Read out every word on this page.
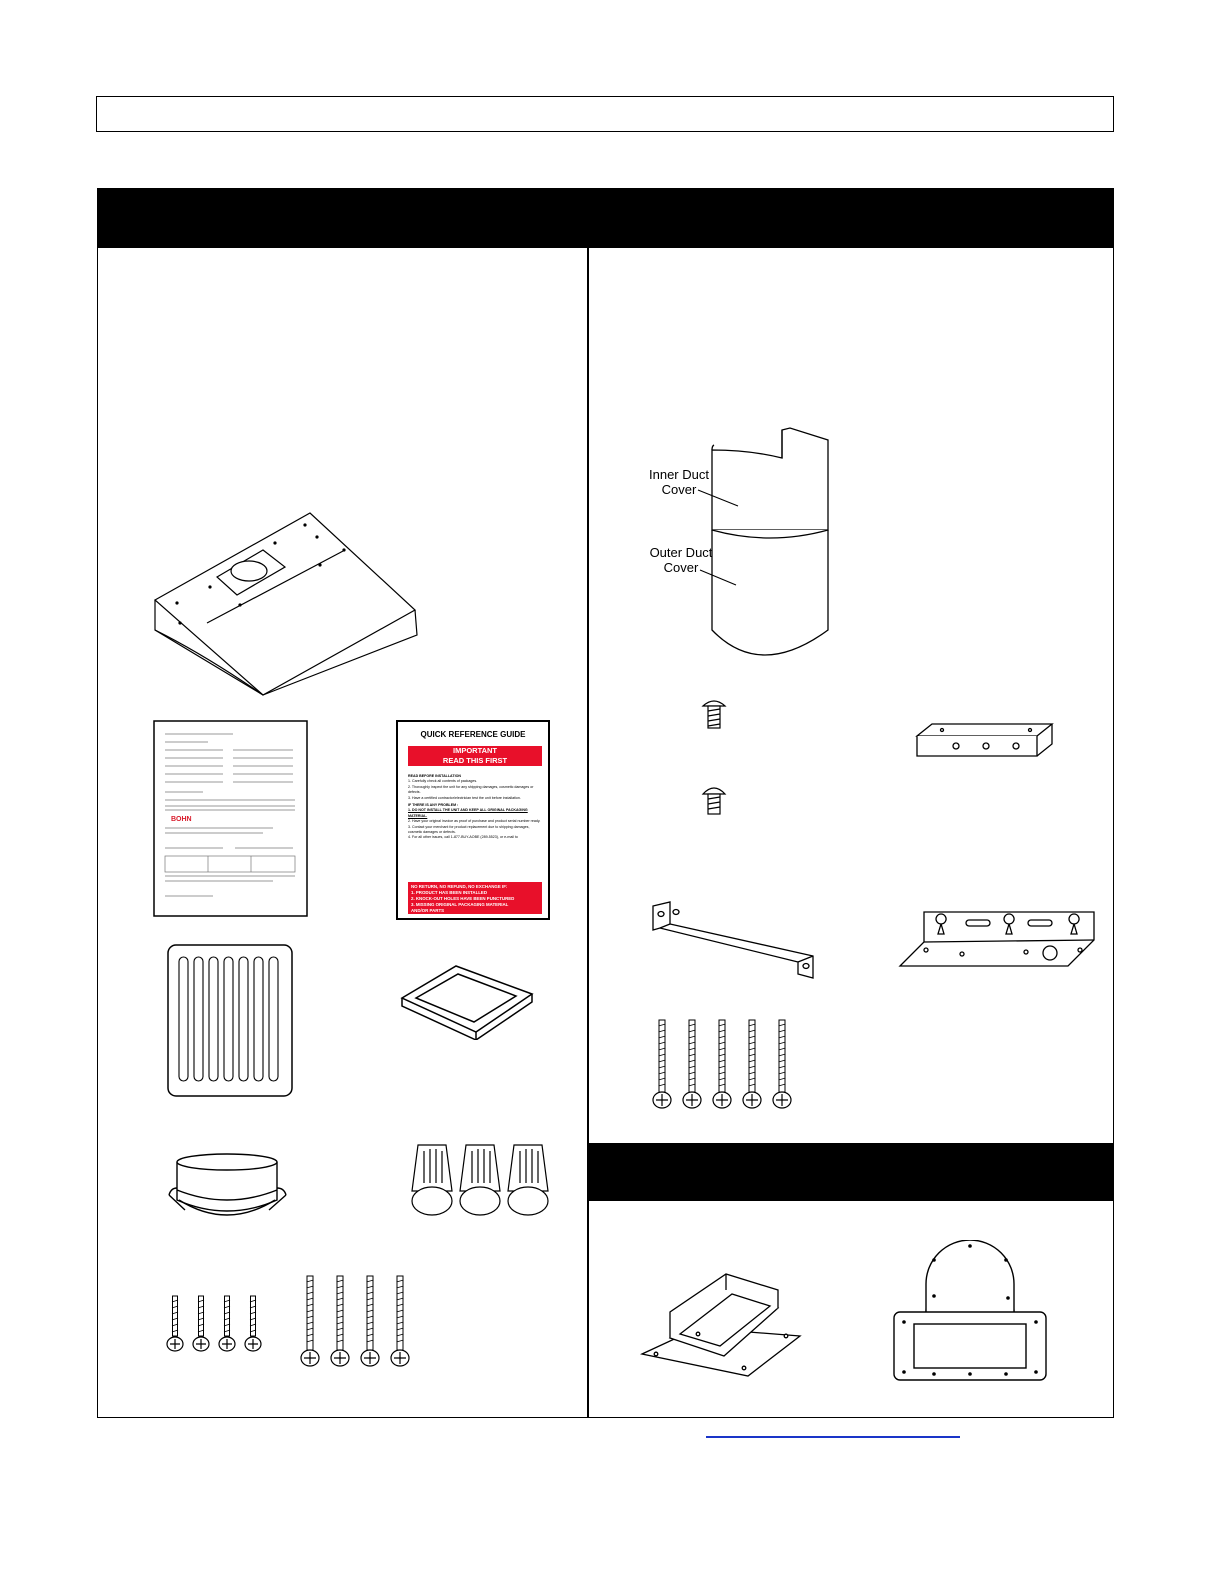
BOHN
QUICK REFERENCE GUIDE
IMPORTANT
READ THIS FIRST
READ BEFORE INSTALLATION
1. Carefully check all contents of packages.
2. Thoroughly inspect the unit for any shipping damages, cosmetic damages or defects.
3. Have a certified contractor/electrician test the unit before installation.
IF THERE IS ANY PROBLEM :
1. DO NOT INSTALL THE UNIT AND KEEP ALL ORIGINAL PACKAGING MATERIAL.
2. Have your original invoice as proof of purchase and product serial number ready.
3. Contact your merchant for product replacement due to shipping damages, cosmetic damages or defects.
4. For all other issues, call 1-877-BUY-AOBE (289-5523), or e-mail to
NO RETURN, NO REFUND, NO EXCHANGE IF:
1. PRODUCT HAS BEEN INSTALLED
2. KNOCK-OUT HOLES HAVE BEEN PUNCTURED
3. MISSING ORIGINAL PACKAGING MATERIAL
AND/OR PARTS
Inner Duct
Cover
Outer Duct
Cover
